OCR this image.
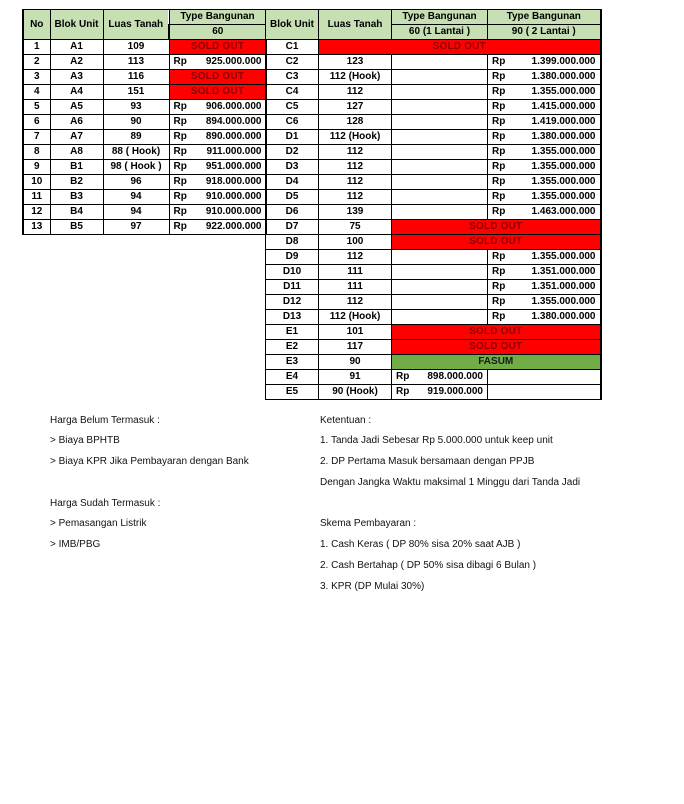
No	Blok Unit	Luas Tanah	Type Bangunan
			60
1	A1	109	SOLD OUT
2	A2	113	Rp 925.000.000

3	A3	116	SOLD OUT
4	A4	151	SOLD OUT
5	A5	93	Rp 906.000.000

6	A6	90	Rp 894.000.000

7	A7	89	Rp 890.000.000

8	A8	88 ( Hook)	Rp 911.000.000

9	B1	98 ( Hook )	Rp 951.000.000

10	B2	96	Rp 918.000.000

11	B3	94	Rp 910.000.000

12	B4	94	Rp 910.000.000

13	B5	97	Rp 922.000.000
Blok Unit	Luas Tanah	Type Bangunan	Type Bangunan
		60 (1 Lantai )	90 ( 2 Lantai )
C1	SOLD OUT		
C2	123		Rp 1.399.000.000

C3	112 (Hook)		Rp 1.380.000.000

C4	112		Rp 1.355.000.000

C5	127		Rp 1.415.000.000

C6	128		Rp 1.419.000.000

D1	112 (Hook)		Rp 1.380.000.000

D2	112		Rp 1.355.000.000

D3	112		Rp 1.355.000.000

D4	112		Rp 1.355.000.000

D5	112		Rp 1.355.000.000

D6	139		Rp 1.463.000.000

D7	75	SOLD OUT	
D8	100	SOLD OUT	
D9	112		Rp 1.355.000.000

D10	111		Rp 1.351.000.000

D11	111		Rp 1.351.000.000

D12	112		Rp 1.355.000.000

D13	112 (Hook)		Rp 1.380.000.000

E1	101	SOLD OUT	
E2	117	SOLD OUT	
E3	90	FASUM	
E4	91	Rp 898.000.000	

E5	90 (Hook)	Rp 919.000.000	

Harga Belum Termasuk :
> Biaya BPHTB
> Biaya KPR Jika Pembayaran dengan Bank
Harga Sudah Termasuk :
> Pemasangan Listrik
> IMB/PBG
Ketentuan :
1. Tanda Jadi Sebesar Rp 5.000.000 untuk keep unit
2. DP Pertama Masuk bersamaan dengan PPJB
Dengan Jangka Waktu maksimal 1 Minggu dari Tanda Jadi
Skema Pembayaran :
1. Cash Keras ( DP 80% sisa 20% saat AJB )
2. Cash Bertahap ( DP 50% sisa dibagi 6 Bulan )
3. KPR (DP Mulai 30%)
